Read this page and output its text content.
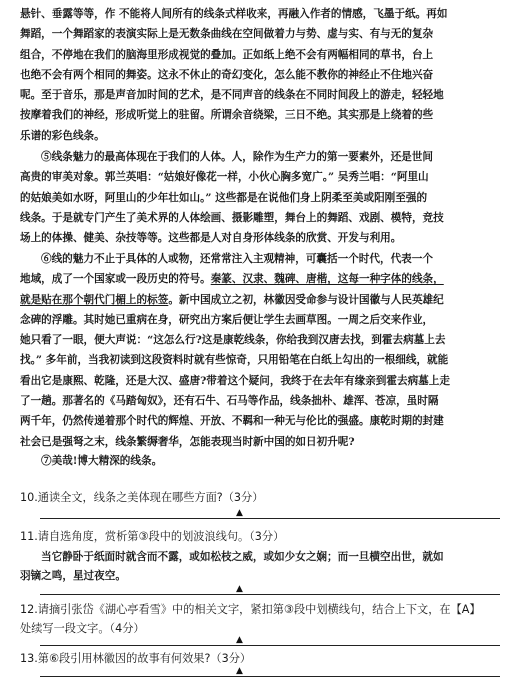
悬针、垂露等等，作 不能将人间所有的线条式样收来，再融入作者的情感，飞墨于纸。再如
舞蹈，一个舞蹈家的表演实际上是无数条曲线在空间做着力与势、虚与实、有与无的复杂
组合，不停地在我们的脑海里形成视觉的叠加。正如纸上绝不会有两幅相同的草书，台上
也绝不会有两个相同的舞姿。这永不休止的奇幻变化，怎么能不教你的神经止不住地兴奋
呢。至于音乐，那是声音加时间的艺术，是不同声音的线条在不同时间段上的游走，轻轻地
按摩着我们的神经，形成听觉上的驻留。所谓余音绕梁，三日不绝。其实那是上绕着的些
乐谱的彩色线条。
⑤线条魅力的最高体现在于我们的人体。人，除作为生产力的第一要素外，还是世间
高贵的审美对象。郭兰英唱：“姑娘好像花一样，小伙心胸多宽广。” 吴秀兰唱：“阿里山
的姑娘美如水呀，阿里山的少年壮如山。” 这些都是在说他们身上阴柔至美或阳刚至强的
线条。于是就专门产生了美术界的人体绘画、摄影雕塑，舞台上的舞蹈、戏剧、模特，竞技
场上的体操、健美、杂技等等。这些都是人对自身形体线条的欣赏、开发与利用。
⑥线的魅力不止于具体的人或物，还常常注入主观精神，可囊括一个时代，代表一个
地域，成了一个国家或一段历史的符号。秦篆、汉隶、魏碑、唐楷，这每一种字体的线条，
就是贴在那个朝代门楣上的标签。新中国成立之初，林徽因受命参与设计国徽与人民英雄纪
念碑的浮雕。其时她已重病在身，研究出方案后便让学生去画草图。一周之后交来作业，
她只看了一眼，便大声说：“这怎么行?这是康乾线条，你给我到汉唐去找，到霍去病墓上去
找。” 多年前，当我初读到这段资料时就有些惊奇，只用铅笔在白纸上勾出的一根细线，就能
看出它是康熙、乾隆，还是大汉、盛唐?带着这个疑问，我终于在去年有缘亲到霍去病墓上走
了一趟。那著名的《马踏匈奴》，还有石牛、石马等作品，线条拙朴、雄浑、苍凉，虽时隔
两千年，仍然传递着那个时代的辉煌、开放、不羁和一种无与伦比的强盛。康乾时期的封建
社会已是强弩之末，线条繁缛奢华，怎能表现当时新中国的如日初升呢?
⑦美哉!博大精深的线条。
10.通读全文，线条之美体现在哪些方面?（3分）
▲
11.请自选角度，赏析第③段中的划波浪线句。（3分）
当它静卧于纸面时就含而不露，或如松枝之威，或如少女之娴；而一旦横空出世，就如
羽镝之鸣，星过夜空。
▲
12.请摘引张岱《湖心亭看雪》中的相关文字，紧扣第③段中划横线句，结合上下文，在【A】
处续写一段文字。（4分）
▲
13.第⑥段引用林徽因的故事有何效果?（3分）
▲
